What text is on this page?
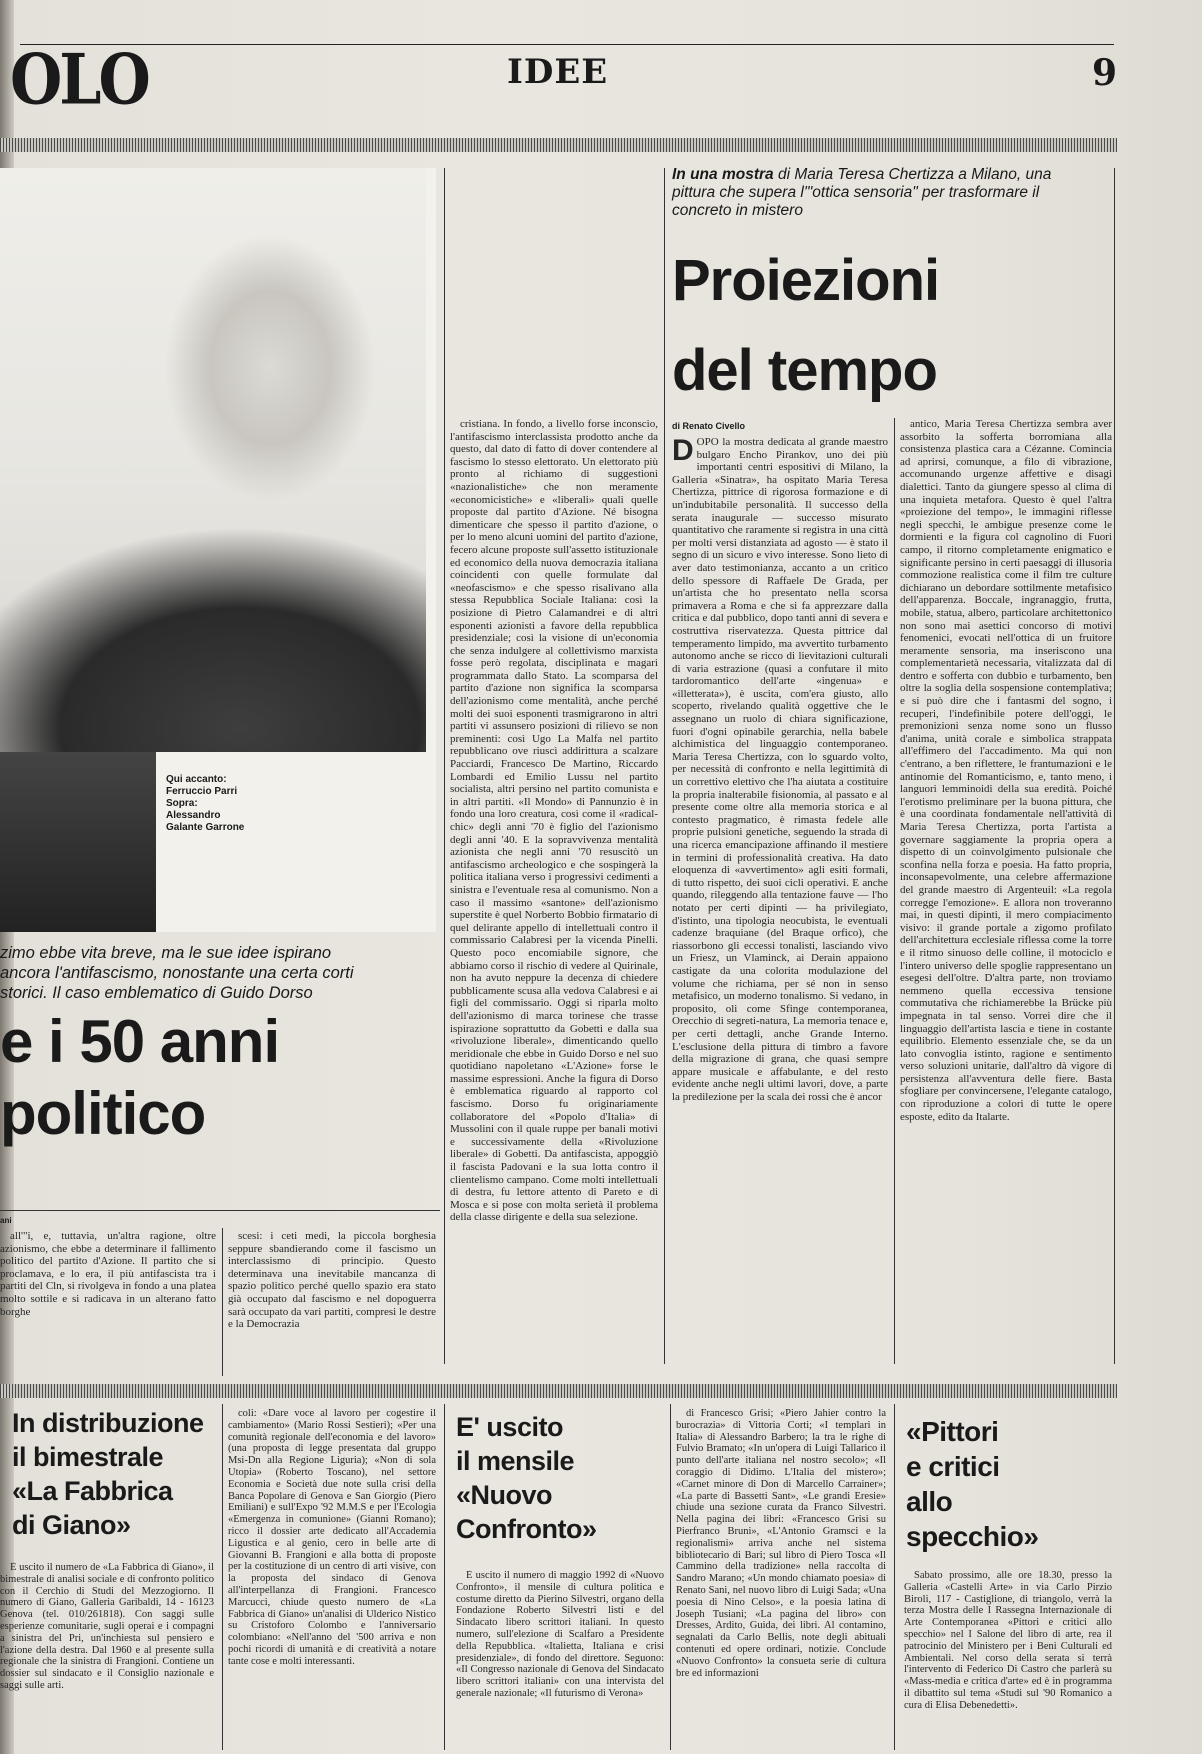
OLO	IDEE	9
Qui accanto:
Ferruccio Parri
Sopra:
Alessandro
Galante Garrone
zimo ebbe vita breve, ma le sue idee ispirano ancora l'antifascismo, nonostante una certa corti storici. Il caso emblematico di Guido Dorso
e i 50 anni
politico
ani

all'"i, e, tuttavia, un'altra ragione, oltre azionismo, che ebbe a determinare il fallimento politico del partito d'Azione. Il partito che si proclamava, e lo era, il più antifascista tra i partiti del Cln, si rivolgeva in fondo a una platea molto sottile e si radicava in un alterano fatto borghe

scesi: i ceti medi, la piccola borghesia seppure sbandierando come il fascismo un interclassismo di principio. Questo determinava una inevitabile mancanza di spazio politico perché quello spazio era stato già occupato dal fascismo e nel dopoguerra sarà occupato da vari partiti, compresi le destre e la Democrazia

cristiana. In fondo, a livello forse inconscio, l'antifascismo interclassista prodotto anche da questo, dal dato di fatto di dover contendere al fascismo lo stesso elettorato. Un elettorato più pronto al richiamo di suggestioni «nazionalistiche» che non meramente «economicistiche» e «liberali» quali quelle proposte dal partito d'Azione. Né bisogna dimenticare che spesso il partito d'azione, o per lo meno alcuni uomini del partito d'azione, fecero alcune proposte sull'assetto istituzionale ed economico della nuova democrazia italiana coincidenti con quelle formulate dal «neofascismo» e che spesso risalivano alla stessa Repubblica Sociale Italiana: così la posizione di Pietro Calamandrei e di altri esponenti azionisti a favore della repubblica presidenziale; così la visione di un'economia che senza indulgere al collettivismo marxista fosse però regolata, disciplinata e magari programmata dallo Stato. La scomparsa del partito d'azione non significa la scomparsa dell'azionismo come mentalità, anche perché molti dei suoi esponenti trasmigrarono in altri partiti vi assunsero posizioni di rilievo se non preminenti: così Ugo La Malfa nel partito repubblicano ove riuscì addirittura a scalzare Pacciardi, Francesco De Martino, Riccardo Lombardi ed Emilio Lussu nel partito socialista, altri persino nel partito comunista e in altri partiti. «Il Mondo» di Pannunzio è in fondo una loro creatura, così come il «radical-chic» degli anni '70 è figlio del l'azionismo degli anni '40. E la sopravvivenza mentalità azionista che negli anni '70 resuscitò un antifascismo archeologico e che sospingerà la politica italiana verso i progressivi cedimenti a sinistra e l'eventuale resa al comunismo. Non a caso il massimo «santone» dell'azionismo superstite è quel Norberto Bobbio firmatario di quel delirante appello di intellettuali contro il commissario Calabresi per la vicenda Pinelli. Questo poco encomiabile signore, che abbiamo corso il rischio di vedere al Quirinale, non ha avuto neppure la decenza di chiedere pubblicamente scusa alla vedova Calabresi e ai figli del commissario. Oggi si riparla molto dell'azionismo di marca torinese che trasse ispirazione soprattutto da Gobetti e dalla sua «rivoluzione liberale», dimenticando quello meridionale che ebbe in Guido Dorso e nel suo quotidiano napoletano «L'Azione» forse le massime espressioni. Anche la figura di Dorso è emblematica riguardo al rapporto col fascismo. Dorso fu originariamente collaboratore del «Popolo d'Italia» di Mussolini con il quale ruppe per banali motivi e successivamente della «Rivoluzione liberale» di Gobetti. Da antifascista, appoggiò il fascista Padovani e la sua lotta contro il clientelismo campano. Come molti intellettuali di destra, fu lettore attento di Pareto e di Mosca e si pose con molta serietà il problema della classe dirigente e della sua selezione.

In una mostra di Maria Teresa Chertizza a Milano, una pittura che supera l'"ottica sensoria" per trasformare il concreto in mistero
Proiezioni
del tempo
di Renato Civello
DOPO la mostra dedicata al grande maestro bulgaro Encho Pirankov, uno dei più importanti centri espositivi di Milano, la Galleria «Sinatra», ha ospitato Maria Teresa Chertizza, pittrice di rigorosa formazione e di un'indubitabile personalità. Il successo della serata inaugurale — successo misurato quantitativo che raramente si registra in una città per molti versi distanziata ad agosto — è stato il segno di un sicuro e vivo interesse. Sono lieto di aver dato testimonianza, accanto a un critico dello spessore di Raffaele De Grada, per un'artista che ho presentato nella scorsa primavera a Roma e che si fa apprezzare dalla critica e dal pubblico, dopo tanti anni di severa e costruttiva riservatezza. Questa pittrice dal temperamento limpido, ma avvertito turbamento autonomo anche se ricco di lievitazioni culturali di varia estrazione (quasi a confutare il mito tardoromantico dell'arte «ingenua» e «illetterata»), è uscita, com'era giusto, allo scoperto, rivelando qualità oggettive che le assegnano un ruolo di chiara significazione, fuori d'ogni opinabile gerarchia, nella babele alchimistica del linguaggio contemporaneo. Maria Teresa Chertizza, con lo sguardo volto, per necessità di confronto e nella legittimità di un correttivo elettivo che l'ha aiutata a costituire la propria inalterabile fisionomia, al passato e al presente come oltre alla memoria storica e al contesto pragmatico, è rimasta fedele alle proprie pulsioni genetiche, seguendo la strada di una ricerca emancipazione affinando il mestiere in termini di professionalità creativa. Ha dato eloquenza di «avvertimento» agli esiti formali, di tutto rispetto, dei suoi cicli operativi. E anche quando, rileggendo alla tentazione fauve — l'ho notato per certi dipinti — ha privilegiato, d'istinto, una tipologia neocubista, le eventuali cadenze braquiane (del Braque orfico), che riassorbono gli eccessi tonalisti, lasciando vivo un Friesz, un Vlaminck, ai Derain appaiono castigate da una colorita modulazione del volume che richiama, per sé non in senso metafisico, un moderno tonalismo. Si vedano, in proposito, oli come Sfinge contemporanea, Orecchio di segreti-natura, La memoria tenace e, per certi dettagli, anche Grande Interno. L'esclusione della pittura di timbro a favore della migrazione di grana, che quasi sempre appare musicale e affabulante, e del resto evidente anche negli ultimi lavori, dove, a parte la predilezione per la scala dei rossi che è ancor

antico, Maria Teresa Chertizza sembra aver assorbito la sofferta borromiana alla consistenza plastica cara a Cézanne. Comincia ad aprirsi, comunque, a filo di vibrazione, accomunando urgenze affettive e disagi dialettici. Tanto da giungere spesso al clima di una inquieta metafora. Questo è quel l'altra «proiezione del tempo», le immagini riflesse negli specchi, le ambigue presenze come le dormienti e la figura col cagnolino di Fuori campo, il ritorno completamente enigmatico e significante persino in certi paesaggi di illusoria commozione realistica come il film tre culture dichiarano un debordare sottilmente metafisico dell'apparenza. Boccale, ingranaggio, frutta, mobile, statua, albero, particolare architettonico non sono mai asettici concorso di motivi fenomenici, evocati nell'ottica di un fruitore meramente sensoria, ma inseriscono una complementarietà necessaria, vitalizzata dal di dentro e sofferta con dubbio e turbamento, ben oltre la soglia della sospensione contemplativa; e si può dire che i fantasmi del sogno, i recuperi, l'indefinibile potere dell'oggi, le premonizioni senza nome sono un flusso d'anima, unità corale e simbolica strappata all'effimero del l'accadimento. Ma qui non c'entrano, a ben riflettere, le frantumazioni e le antinomie del Romanticismo, e, tanto meno, i languori lemminoidi della sua eredità. Poiché l'erotismo preliminare per la buona pittura, che è una coordinata fondamentale nell'attività di Maria Teresa Chertizza, porta l'artista a governare saggiamente la propria opera a dispetto di un coinvolgimento pulsionale che sconfina nella forza e poesia. Ha fatto propria, inconsapevolmente, una celebre affermazione del grande maestro di Argenteuil: «La regola corregge l'emozione». E allora non troveranno mai, in questi dipinti, il mero compiacimento visivo: il grande portale a zigomo profilato dell'architettura ecclesiale riflessa come la torre e il ritmo sinuoso delle colline, il motociclo e l'intero universo delle spoglie rappresentano un esegesi dell'oltre. D'altra parte, non troviamo nemmeno quella eccessiva tensione commutativa che richiamerebbe la Brücke più impegnata in tal senso. Vorrei dire che il linguaggio dell'artista lascia e tiene in costante equilibrio. Elemento essenziale che, se da un lato convoglia istinto, ragione e sentimento verso soluzioni unitarie, dall'altro dà vigore di persistenza all'avventura delle fiere. Basta sfogliare per convincersene, l'elegante catalogo, con riproduzione a colori di tutte le opere esposte, edito da Italarte.

In distribuzione
il bimestrale
«La Fabbrica
di Giano»

È uscito il numero de «La Fabbrica di Giano», il bimestrale di analisi sociale e di confronto politico con il Cerchio di Studi del Mezzogiorno. Il numero di Giano, Galleria Garibaldi, 14 - 16123 Genova (tel. 010/261818). Con saggi sulle esperienze comunitarie, sugli operai e i compagni a sinistra del Pri, un'inchiesta sul pensiero e l'azione della destra. Dal 1960 e al presente sulla regionale che la sinistra di Frangioni. Contiene un dossier sul sindacato e il Consiglio nazionale e saggi sulle arti.

coli: «Dare voce al lavoro per cogestire il cambiamento» (Mario Rossi Sestieri); «Per una comunità regionale dell'economia e del lavoro» (una proposta di legge presentata dal gruppo Msi-Dn alla Regione Liguria); «Non di sola Utopia» (Roberto Toscano), nel settore Economia e Società due note sulla crisi della Banca Popolare di Genova e San Giorgio (Piero Emiliani) e sull'Expo '92 M.M.S e per l'Ecologia «Emergenza in comunione» (Gianni Romano); ricco il dossier arte dedicato all'Accademia Ligustica e al genio, cero in belle arte di Giovanni B. Frangioni e alla botta di proposte per la costituzione di un centro di arti visive, con la proposta del sindaco di Genova all'interpellanza di Frangioni. Francesco Marcucci, chiude questo numero de «La Fabbrica di Giano» un'analisi di Ulderico Nistico su Cristoforo Colombo e l'anniversario colombiano: «Nell'anno del '500 arriva e non pochi ricordi di umanità e di creatività a notare tante cose e molti interessanti.

E' uscito
il mensile
«Nuovo
Confronto»

È uscito il numero di maggio 1992 di «Nuovo Confronto», il mensile di cultura politica e costume diretto da Pierino Silvestri, organo della Fondazione Roberto Silvestri listi e del Sindacato libero scrittori italiani. In questo numero, sull'elezione di Scalfaro a Presidente della Repubblica. «Italietta, Italiana e crisi presidenziale», di fondo del direttore. Seguono: «Il Congresso nazionale di Genova del Sindacato libero scrittori italiani» con una intervista del generale nazionale; «Il futurismo di Verona»

di Francesco Grisi; «Piero Jahier contro la burocrazia» di Vittoria Corti; «I templari in Italia» di Alessandro Barbero; la tra le righe di Fulvio Bramato; «In un'opera di Luigi Tallarico il punto dell'arte italiana nel nostro secolo»; «Il coraggio di Didimo. L'Italia del mistero»; «Carnet minore di Don di Marcello Carrainer»; «La parte di Bassetti Sant», «Le grandi Eresie» chiude una sezione curata da Franco Silvestri. Nella pagina dei libri: «Francesco Grisi su Pierfranco Bruni», «L'Antonio Gramsci e la regionalismi» arriva anche nel sistema bibliotecario di Bari; sul libro di Piero Tosca «Il Cammino della tradizione» nella raccolta di Sandro Marano; «Un mondo chiamato poesia» di Renato Sani, nel nuovo libro di Luigi Sada; «Una poesia di Nino Celso», e la poesia latina di Joseph Tusiani; «La pagina del libro» con Dresses, Ardito, Guida, dei libri. Al contamino, segnalati da Carlo Bellis, note degli abituali contenuti ed opere ordinari, notizie. Conclude «Nuovo Confronto» la consueta serie di cultura bre ed informazioni

«Pittori
e critici
allo
specchio»

Sabato prossimo, alle ore 18.30, presso la Galleria «Castelli Arte» in via Carlo Pirzio Biroli, 117 - Castiglione, di triangolo, verrà la terza Mostra delle I Rassegna Internazionale di Arte Contemporanea «Pittori e critici allo specchio» nel I Salone del libro di arte, rea il patrocinio del Ministero per i Beni Culturali ed Ambientali. Nel corso della serata si terrà l'intervento di Federico Di Castro che parlerà su «Mass-media e critica d'arte» ed è in programma il dibattito sul tema «Studi sul '90 Romanico a cura di Elisa Debenedetti».
